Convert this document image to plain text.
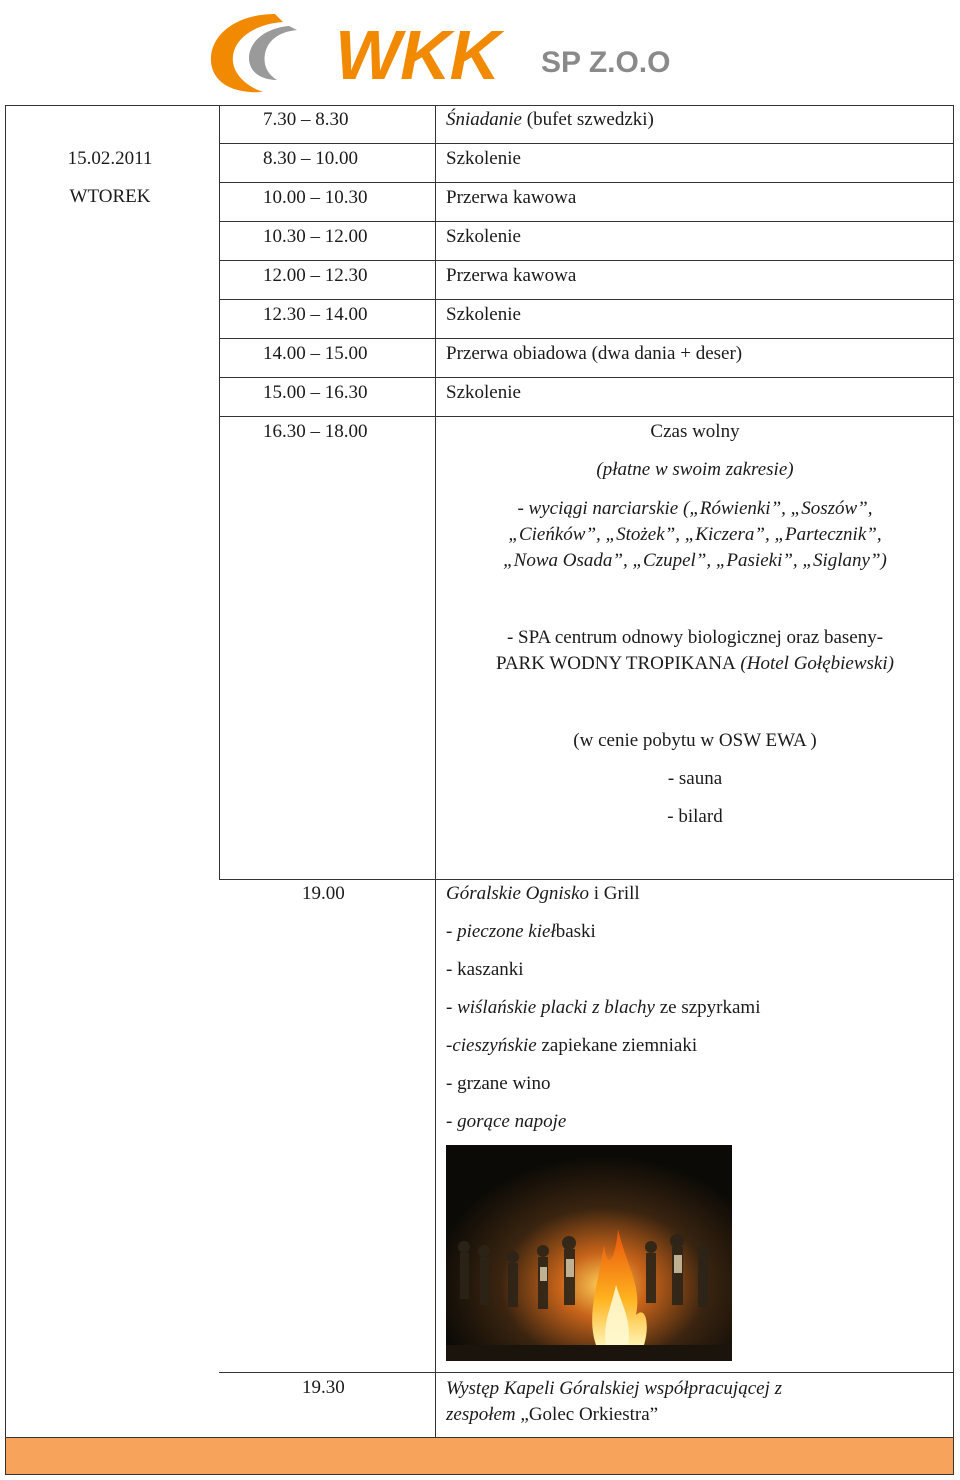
WKK SP Z.O.O
15.02.2011
WTOREK
7.30 – 8.30	Śniadanie (bufet szwedzki)
8.30 – 10.00	Szkolenie
10.00 – 10.30	Przerwa kawowa
10.30 – 12.00	Szkolenie
12.00 – 12.30	Przerwa kawowa
12.30 – 14.00	Szkolenie
14.00 – 15.00	Przerwa obiadowa (dwa dania + deser)
15.00 – 16.30	Szkolenie
16.30 – 18.00	Czas wolny
(płatne w swoim zakresie)
- wyciągi narciarskie („Rówienki”, „Soszów”,
„Cieńków”, „Stożek”, „Kiczera”, „Partecznik”,
„Nowa Osada”, „Czupel”, „Pasieki”, „Siglany”)
- SPA centrum odnowy biologicznej oraz baseny-
PARK WODNY TROPIKANA (Hotel Gołębiewski)
(w cenie pobytu w OSW EWA )
- sauna
- bilard
19.00	Góralskie Ognisko i Grill
- pieczone kiełbaski
- kaszanki
- wiślańskie placki z blachy ze szpyrkami
-cieszyńskie zapiekane ziemniaki
- grzane wino
- gorące napoje
19.30	Występ Kapeli Góralskiej współpracującej z
zespołem „Golec Orkiestra”
